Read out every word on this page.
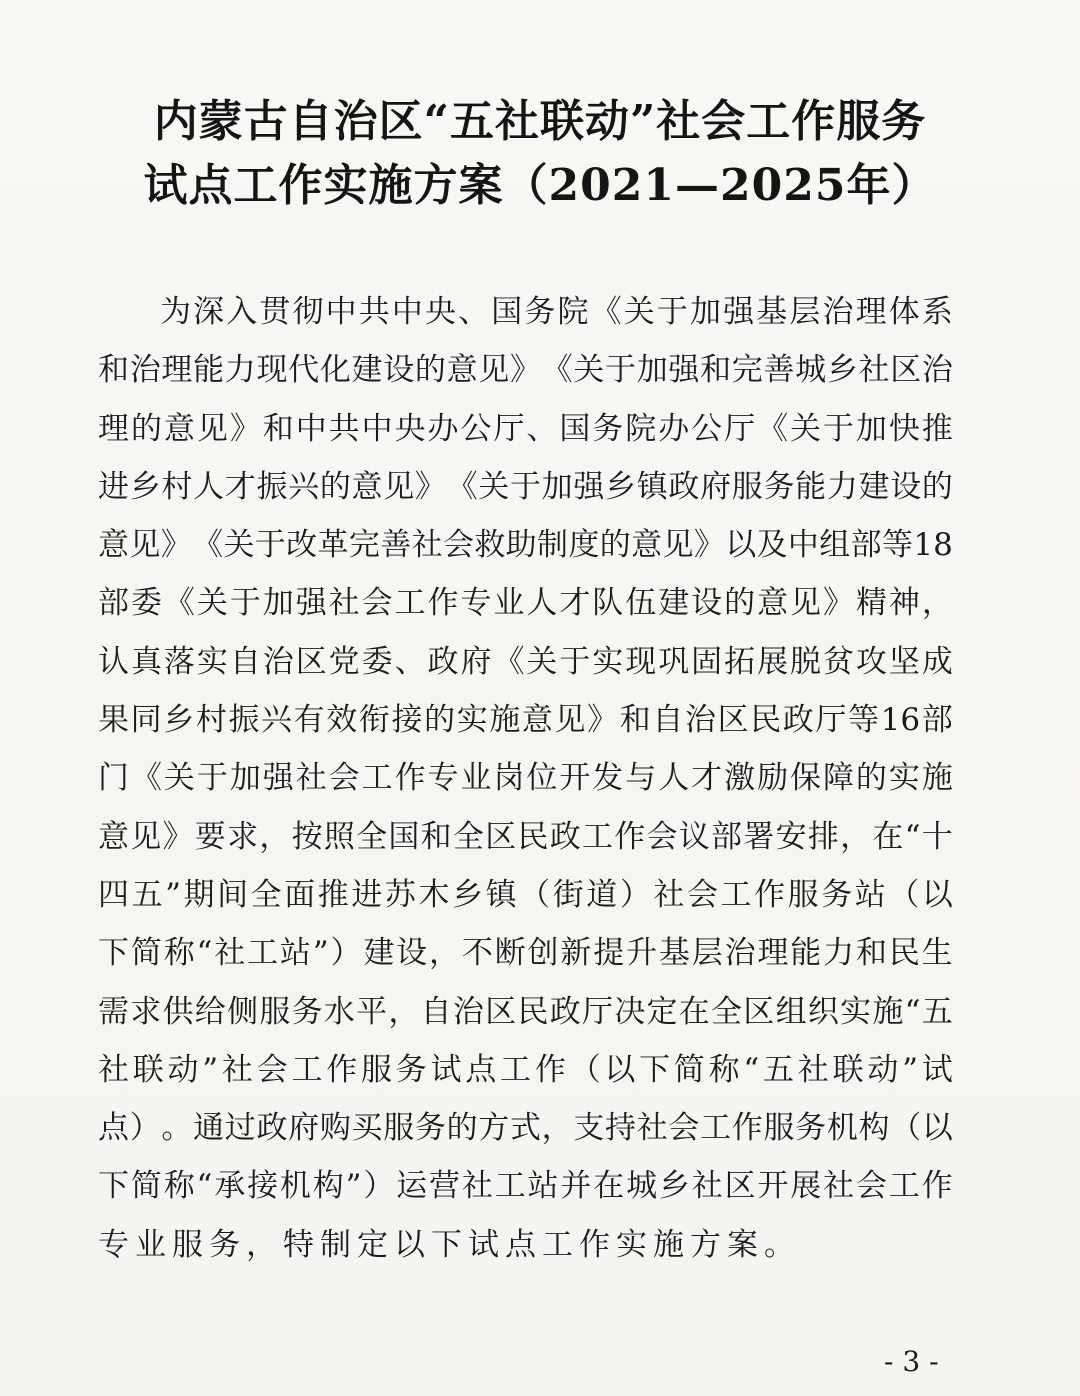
内蒙古自治区“五社联动”社会工作服务
试点工作实施方案（2021—2025年）
为 深 入 贯 彻 中 共 中 央 、 国 务 院 《 关 于 加 强 基 层 治 理 体 系
和 治 理 能 力 现 代 化 建 设 的 意 见 》 《 关 于 加 强 和 完 善 城 乡 社 区 治
理 的 意 见 》 和 中 共 中 央 办 公 厅 、 国 务 院 办 公 厅 《 关 于 加 快 推
进 乡 村 人 才 振 兴 的 意 见 》 《 关 于 加 强 乡 镇 政 府 服 务 能 力 建 设 的
意 见 》 《 关 于 改 革 完 善 社 会 救 助 制 度 的 意 见 》 以 及 中 组 部 等 18
部 委 《 关 于 加 强 社 会 工 作 专 业 人 才 队 伍 建 设 的 意 见 》 精 神 ，
认 真 落 实 自 治 区 党 委 、 政 府 《 关 于 实 现 巩 固 拓 展 脱 贫 攻 坚 成
果 同 乡 村 振 兴 有 效 衔 接 的 实 施 意 见 》 和 自 治 区 民 政 厅 等 16 部
门 《 关 于 加 强 社 会 工 作 专 业 岗 位 开 发 与 人 才 激 励 保 障 的 实 施
意 见 》 要 求 ， 按 照 全 国 和 全 区 民 政 工 作 会 议 部 署 安 排 ， 在 “ 十
四 五 ” 期 间 全 面 推 进 苏 木 乡 镇 （ 街 道 ） 社 会 工 作 服 务 站 （ 以
下 简 称 “ 社 工 站 ” ） 建 设 ， 不 断 创 新 提 升 基 层 治 理 能 力 和 民 生
需 求 供 给 侧 服 务 水 平 ， 自 治 区 民 政 厅 决 定 在 全 区 组 织 实 施 “ 五
社 联 动 ” 社 会 工 作 服 务 试 点 工 作 （ 以 下 简 称 “ 五 社 联 动 ” 试
点 ） 。 通 过 政 府 购 买 服 务 的 方 式 ， 支 持 社 会 工 作 服 务 机 构 （ 以
下 简 称 “ 承 接 机 构 ” ） 运 营 社 工 站 并 在 城 乡 社 区 开 展 社 会 工 作
专 业 服 务 ， 特 制 定 以 下 试 点 工 作 实 施 方 案 。
- 3 -
